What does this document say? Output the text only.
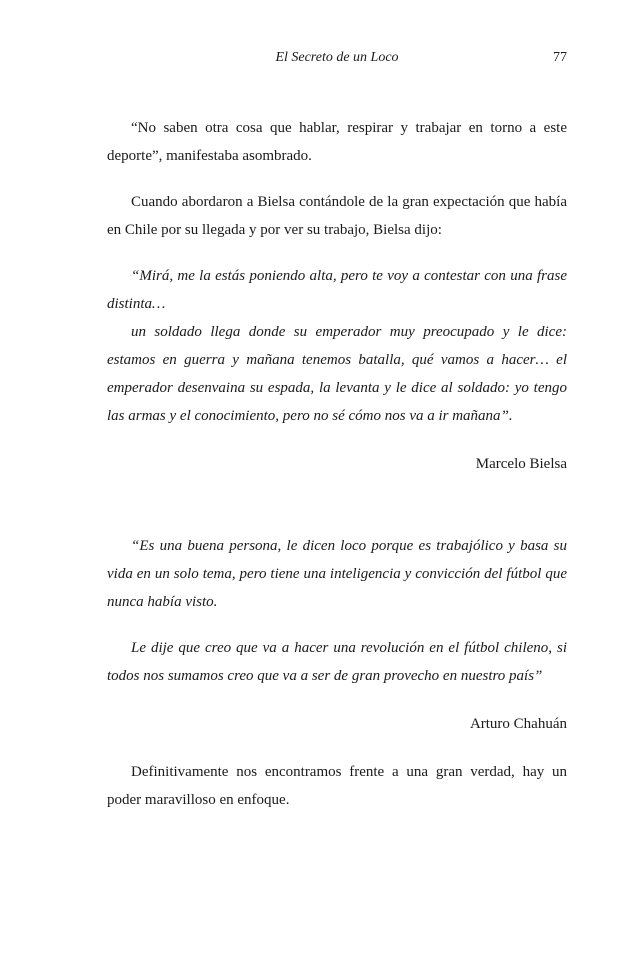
El Secreto de un Loco	77

“No saben otra cosa que hablar, respirar y trabajar en torno a este deporte”, manifestaba asombrado.

Cuando abordaron a Bielsa contándole de la gran expectación que había en Chile por su llegada y por ver su trabajo, Bielsa dijo:

“Mirá, me la estás poniendo alta, pero te voy a contestar con una frase distinta…

un soldado llega donde su emperador muy preocupado y le dice: estamos en guerra y mañana tenemos batalla, qué vamos a hacer… el emperador desenvaina su espada, la levanta y le dice al soldado: yo tengo las armas y el conocimiento, pero no sé cómo nos va a ir mañana”.

Marcelo Bielsa

“Es una buena persona, le dicen loco porque es trabajólico y basa su vida en un solo tema, pero tiene una inteligencia y convicción del fútbol que nunca había visto.

Le dije que creo que va a hacer una revolución en el fútbol chileno, si todos nos sumamos creo que va a ser de gran provecho en nuestro país”

Arturo Chahuán

Definitivamente nos encontramos frente a una gran verdad, hay un poder maravilloso en enfoque.
